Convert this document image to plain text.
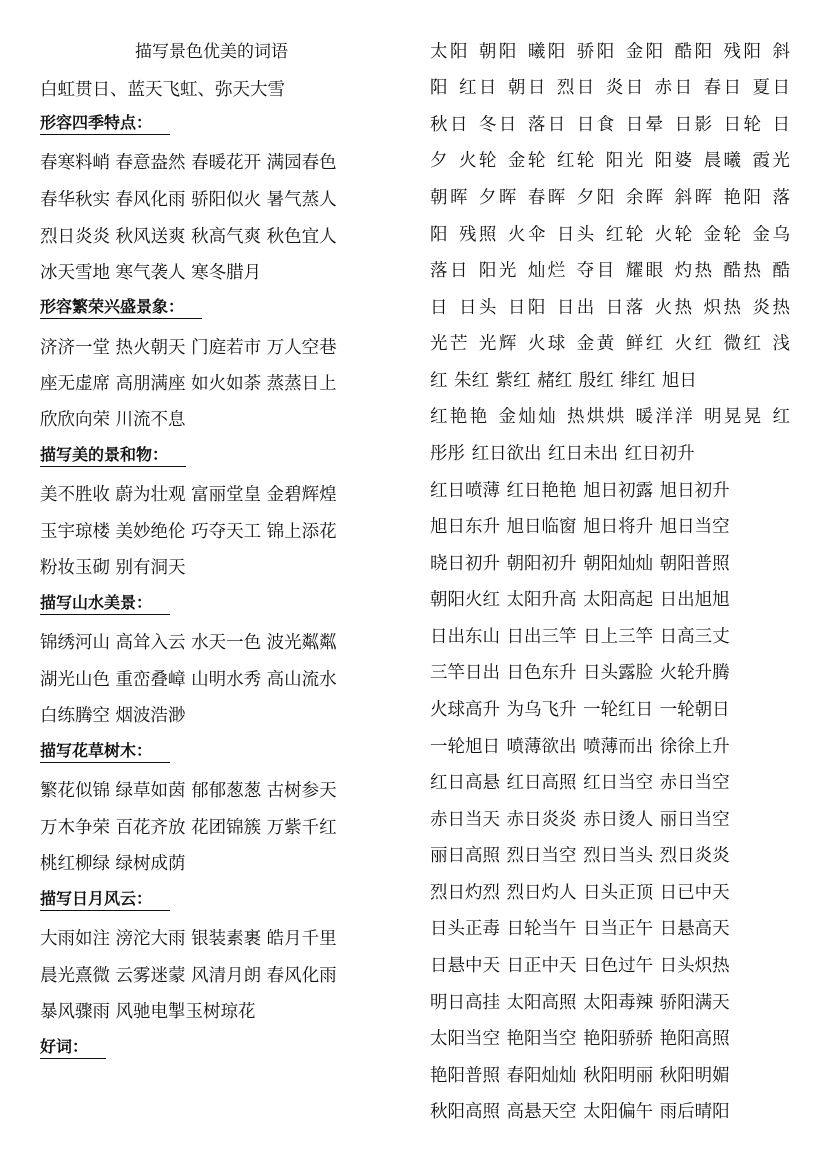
描写景色优美的词语
白虹贯日、蓝天飞虹、弥天大雪
形容四季特点：
春寒料峭 春意盎然 春暖花开 满园春色
春华秋实 春风化雨 骄阳似火 暑气蒸人
烈日炎炎 秋风送爽 秋高气爽 秋色宜人
冰天雪地 寒气袭人 寒冬腊月
形容繁荣兴盛景象：
济济一堂 热火朝天 门庭若市 万人空巷
座无虚席 高朋满座 如火如荼 蒸蒸日上
欣欣向荣 川流不息
描写美的景和物：
美不胜收 蔚为壮观 富丽堂皇 金碧辉煌
玉宇琼楼 美妙绝伦 巧夺天工 锦上添花
粉妆玉砌 别有洞天
描写山水美景：
锦绣河山 高耸入云 水天一色 波光粼粼
湖光山色 重峦叠嶂 山明水秀 高山流水
白练腾空 烟波浩渺
描写花草树木：
繁花似锦 绿草如茵 郁郁葱葱 古树参天
万木争荣 百花齐放 花团锦簇 万紫千红
桃红柳绿 绿树成荫
描写日月风云：
大雨如注 滂沱大雨 银装素裹 皓月千里
晨光熹微 云雾迷蒙 风清月朗 春风化雨
暴风骤雨 风驰电掣玉树琼花
好词：
太阳 朝阳 曦阳 骄阳 金阳 酷阳 残阳 斜
阳 红日 朝日 烈日 炎日 赤日 春日 夏日
秋日 冬日 落日 日食 日晕 日影 日轮 日
夕 火轮 金轮 红轮 阳光 阳婆 晨曦 霞光
朝晖 夕晖 春晖 夕阳 余晖 斜晖 艳阳 落
阳 残照 火伞 日头 红轮 火轮 金轮 金乌
落日 阳光 灿烂 夺目 耀眼 灼热 酷热 酷
日 日头 日阳 日出 日落 火热 炽热 炎热
光芒 光辉 火球 金黄 鲜红 火红 微红 浅
红 朱红 紫红 赭红 殷红 绯红 旭日
红艳艳 金灿灿 热烘烘 暖洋洋 明晃晃 红
彤彤 红日欲出 红日未出 红日初升
红日喷薄 红日艳艳 旭日初露 旭日初升
旭日东升 旭日临窗 旭日将升 旭日当空
晓日初升 朝阳初升 朝阳灿灿 朝阳普照
朝阳火红 太阳升高 太阳高起 日出旭旭
日出东山 日出三竿 日上三竿 日高三丈
三竿日出 日色东升 日头露脸 火轮升腾
火球高升 为乌飞升 一轮红日 一轮朝日
一轮旭日 喷薄欲出 喷薄而出 徐徐上升
红日高悬 红日高照 红日当空 赤日当空
赤日当天 赤日炎炎 赤日烫人 丽日当空
丽日高照 烈日当空 烈日当头 烈日炎炎
烈日灼烈 烈日灼人 日头正顶 日已中天
日头正毒 日轮当午 日当正午 日悬高天
日悬中天 日正中天 日色过午 日头炽热
明日高挂 太阳高照 太阳毒辣 骄阳满天
太阳当空 艳阳当空 艳阳骄骄 艳阳高照
艳阳普照 春阳灿灿 秋阳明丽 秋阳明媚
秋阳高照 高悬天空 太阳偏午 雨后晴阳
